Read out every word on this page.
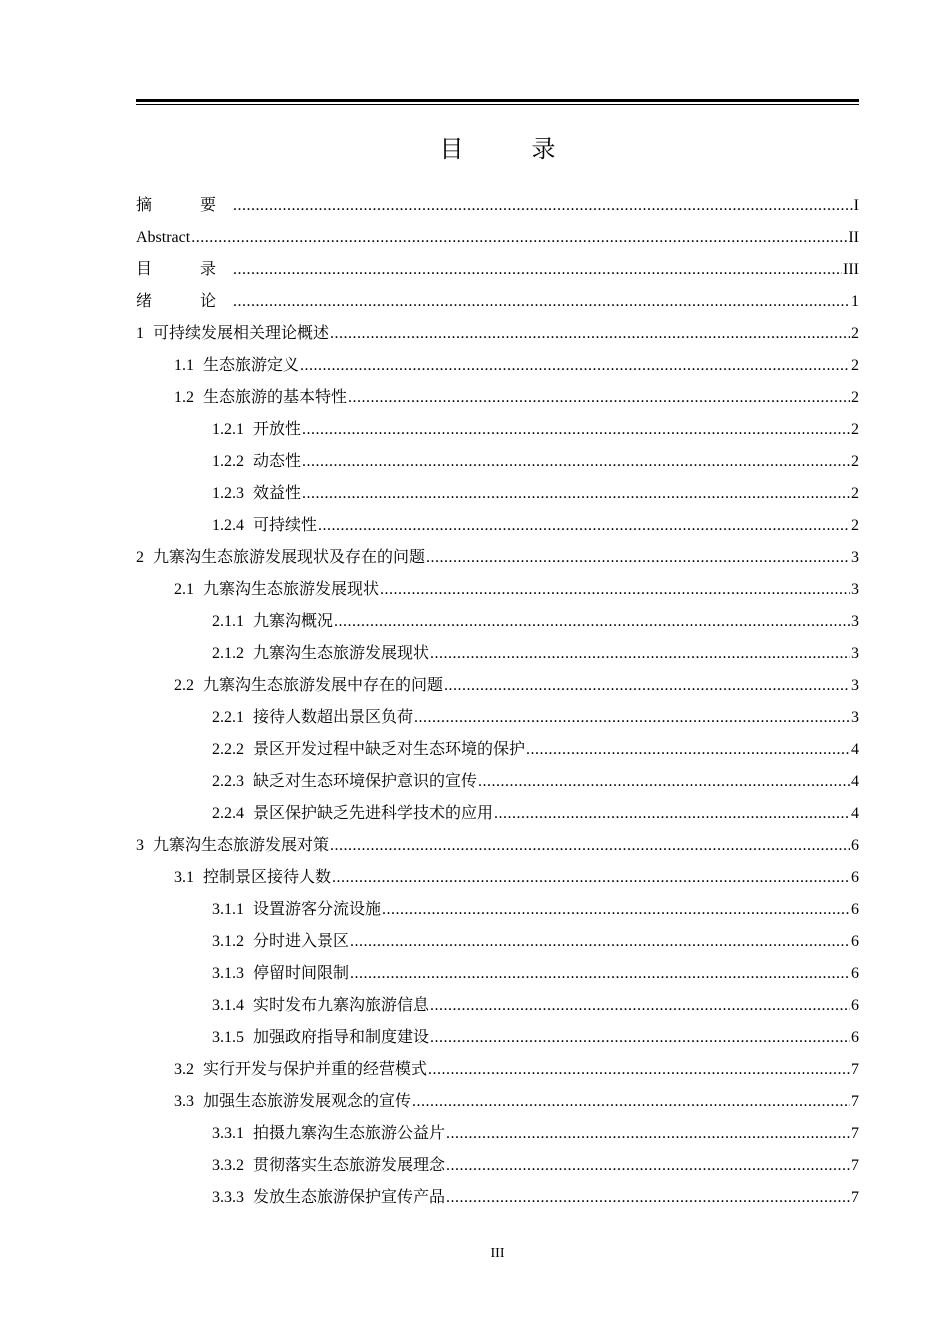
目　录
摘　要 .....	I
Abstract .....	II
目　录 .....	III
绪　论 .....	1
1 可持续发展相关理论概述 .....	2
1.1 生态旅游定义 .....	2
1.2 生态旅游的基本特性 .....	2
1.2.1 开放性 .....	2
1.2.2 动态性 .....	2
1.2.3 效益性 .....	2
1.2.4 可持续性 .....	2
2 九寨沟生态旅游发展现状及存在的问题 .....	3
2.1 九寨沟生态旅游发展现状 .....	3
2.1.1 九寨沟概况 .....	3
2.1.2 九寨沟生态旅游发展现状 .....	3
2.2 九寨沟生态旅游发展中存在的问题 .....	3
2.2.1 接待人数超出景区负荷 .....	3
2.2.2 景区开发过程中缺乏对生态环境的保护 .....	4
2.2.3 缺乏对生态环境保护意识的宣传 .....	4
2.2.4 景区保护缺乏先进科学技术的应用 .....	4
3 九寨沟生态旅游发展对策 .....	6
3.1 控制景区接待人数 .....	6
3.1.1 设置游客分流设施 .....	6
3.1.2 分时进入景区 .....	6
3.1.3 停留时间限制 .....	6
3.1.4 实时发布九寨沟旅游信息 .....	6
3.1.5 加强政府指导和制度建设 .....	6
3.2 实行开发与保护并重的经营模式 .....	7
3.3 加强生态旅游发展观念的宣传 .....	7
3.3.1 拍摄九寨沟生态旅游公益片 .....	7
3.3.2 贯彻落实生态旅游发展理念 .....	7
3.3.3 发放生态旅游保护宣传产品 .....	7
III
